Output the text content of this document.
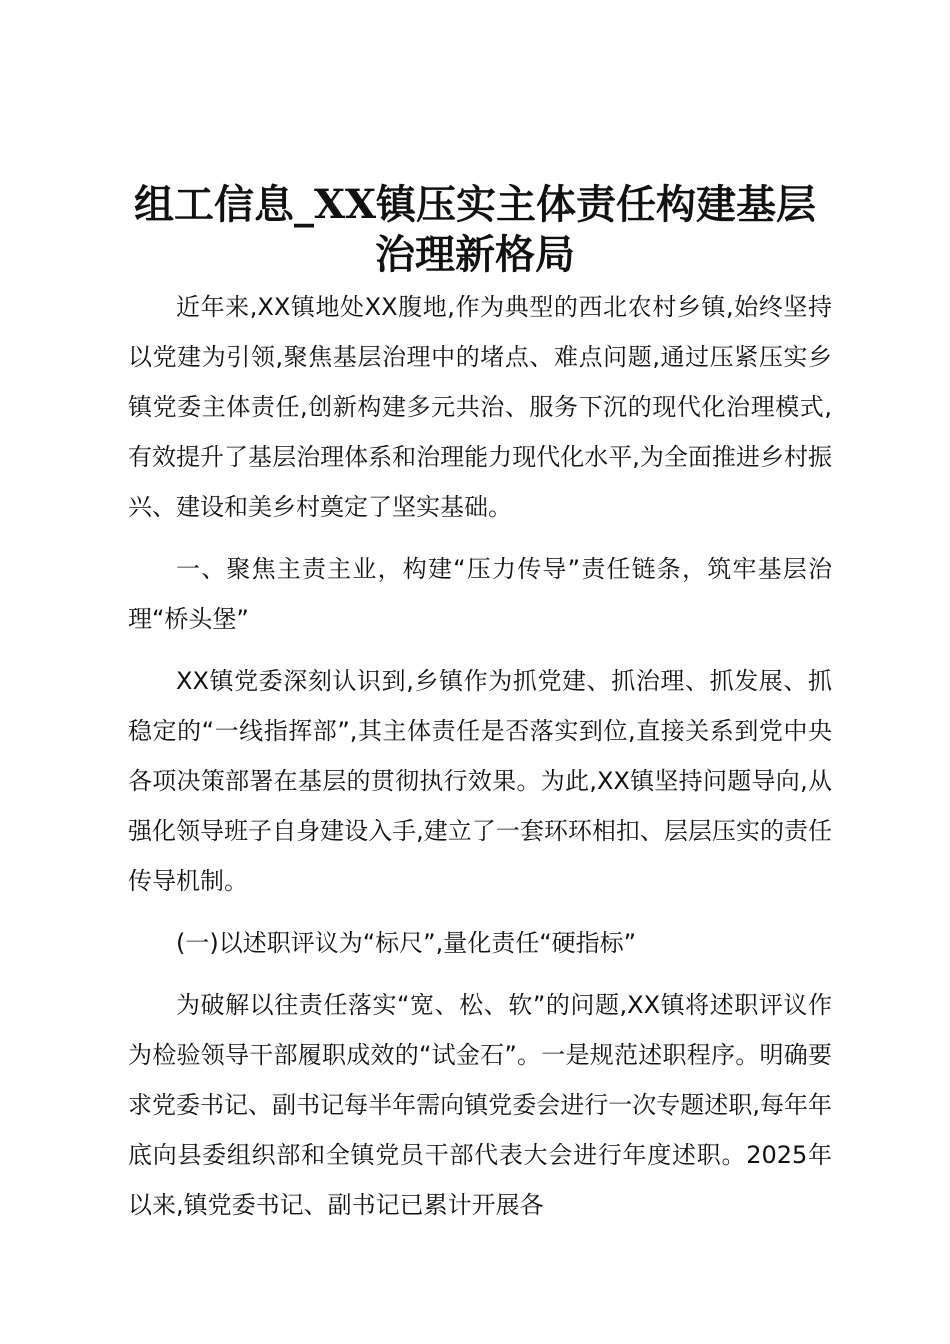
组工信息_XX镇压实主体责任构建基层治理新格局

近年来,XX镇地处XX腹地,作为典型的西北农村乡镇,始终坚持以党建为引领,聚焦基层治理中的堵点、难点问题,通过压紧压实乡镇党委主体责任,创新构建多元共治、服务下沉的现代化治理模式,有效提升了基层治理体系和治理能力现代化水平,为全面推进乡村振兴、建设和美乡村奠定了坚实基础。

一、聚焦主责主业，构建“压力传导”责任链条，筑牢基层治理“桥头堡”

XX镇党委深刻认识到,乡镇作为抓党建、抓治理、抓发展、抓稳定的“一线指挥部”,其主体责任是否落实到位,直接关系到党中央各项决策部署在基层的贯彻执行效果。为此,XX镇坚持问题导向,从强化领导班子自身建设入手,建立了一套环环相扣、层层压实的责任传导机制。

(一)以述职评议为“标尺”,量化责任“硬指标”

为破解以往责任落实“宽、松、软”的问题,XX镇将述职评议作为检验领导干部履职成效的“试金石”。一是规范述职程序。明确要求党委书记、副书记每半年需向镇党委会进行一次专题述职,每年年底向县委组织部和全镇党员干部代表大会进行年度述职。2025年以来,镇党委书记、副书记已累计开展各
